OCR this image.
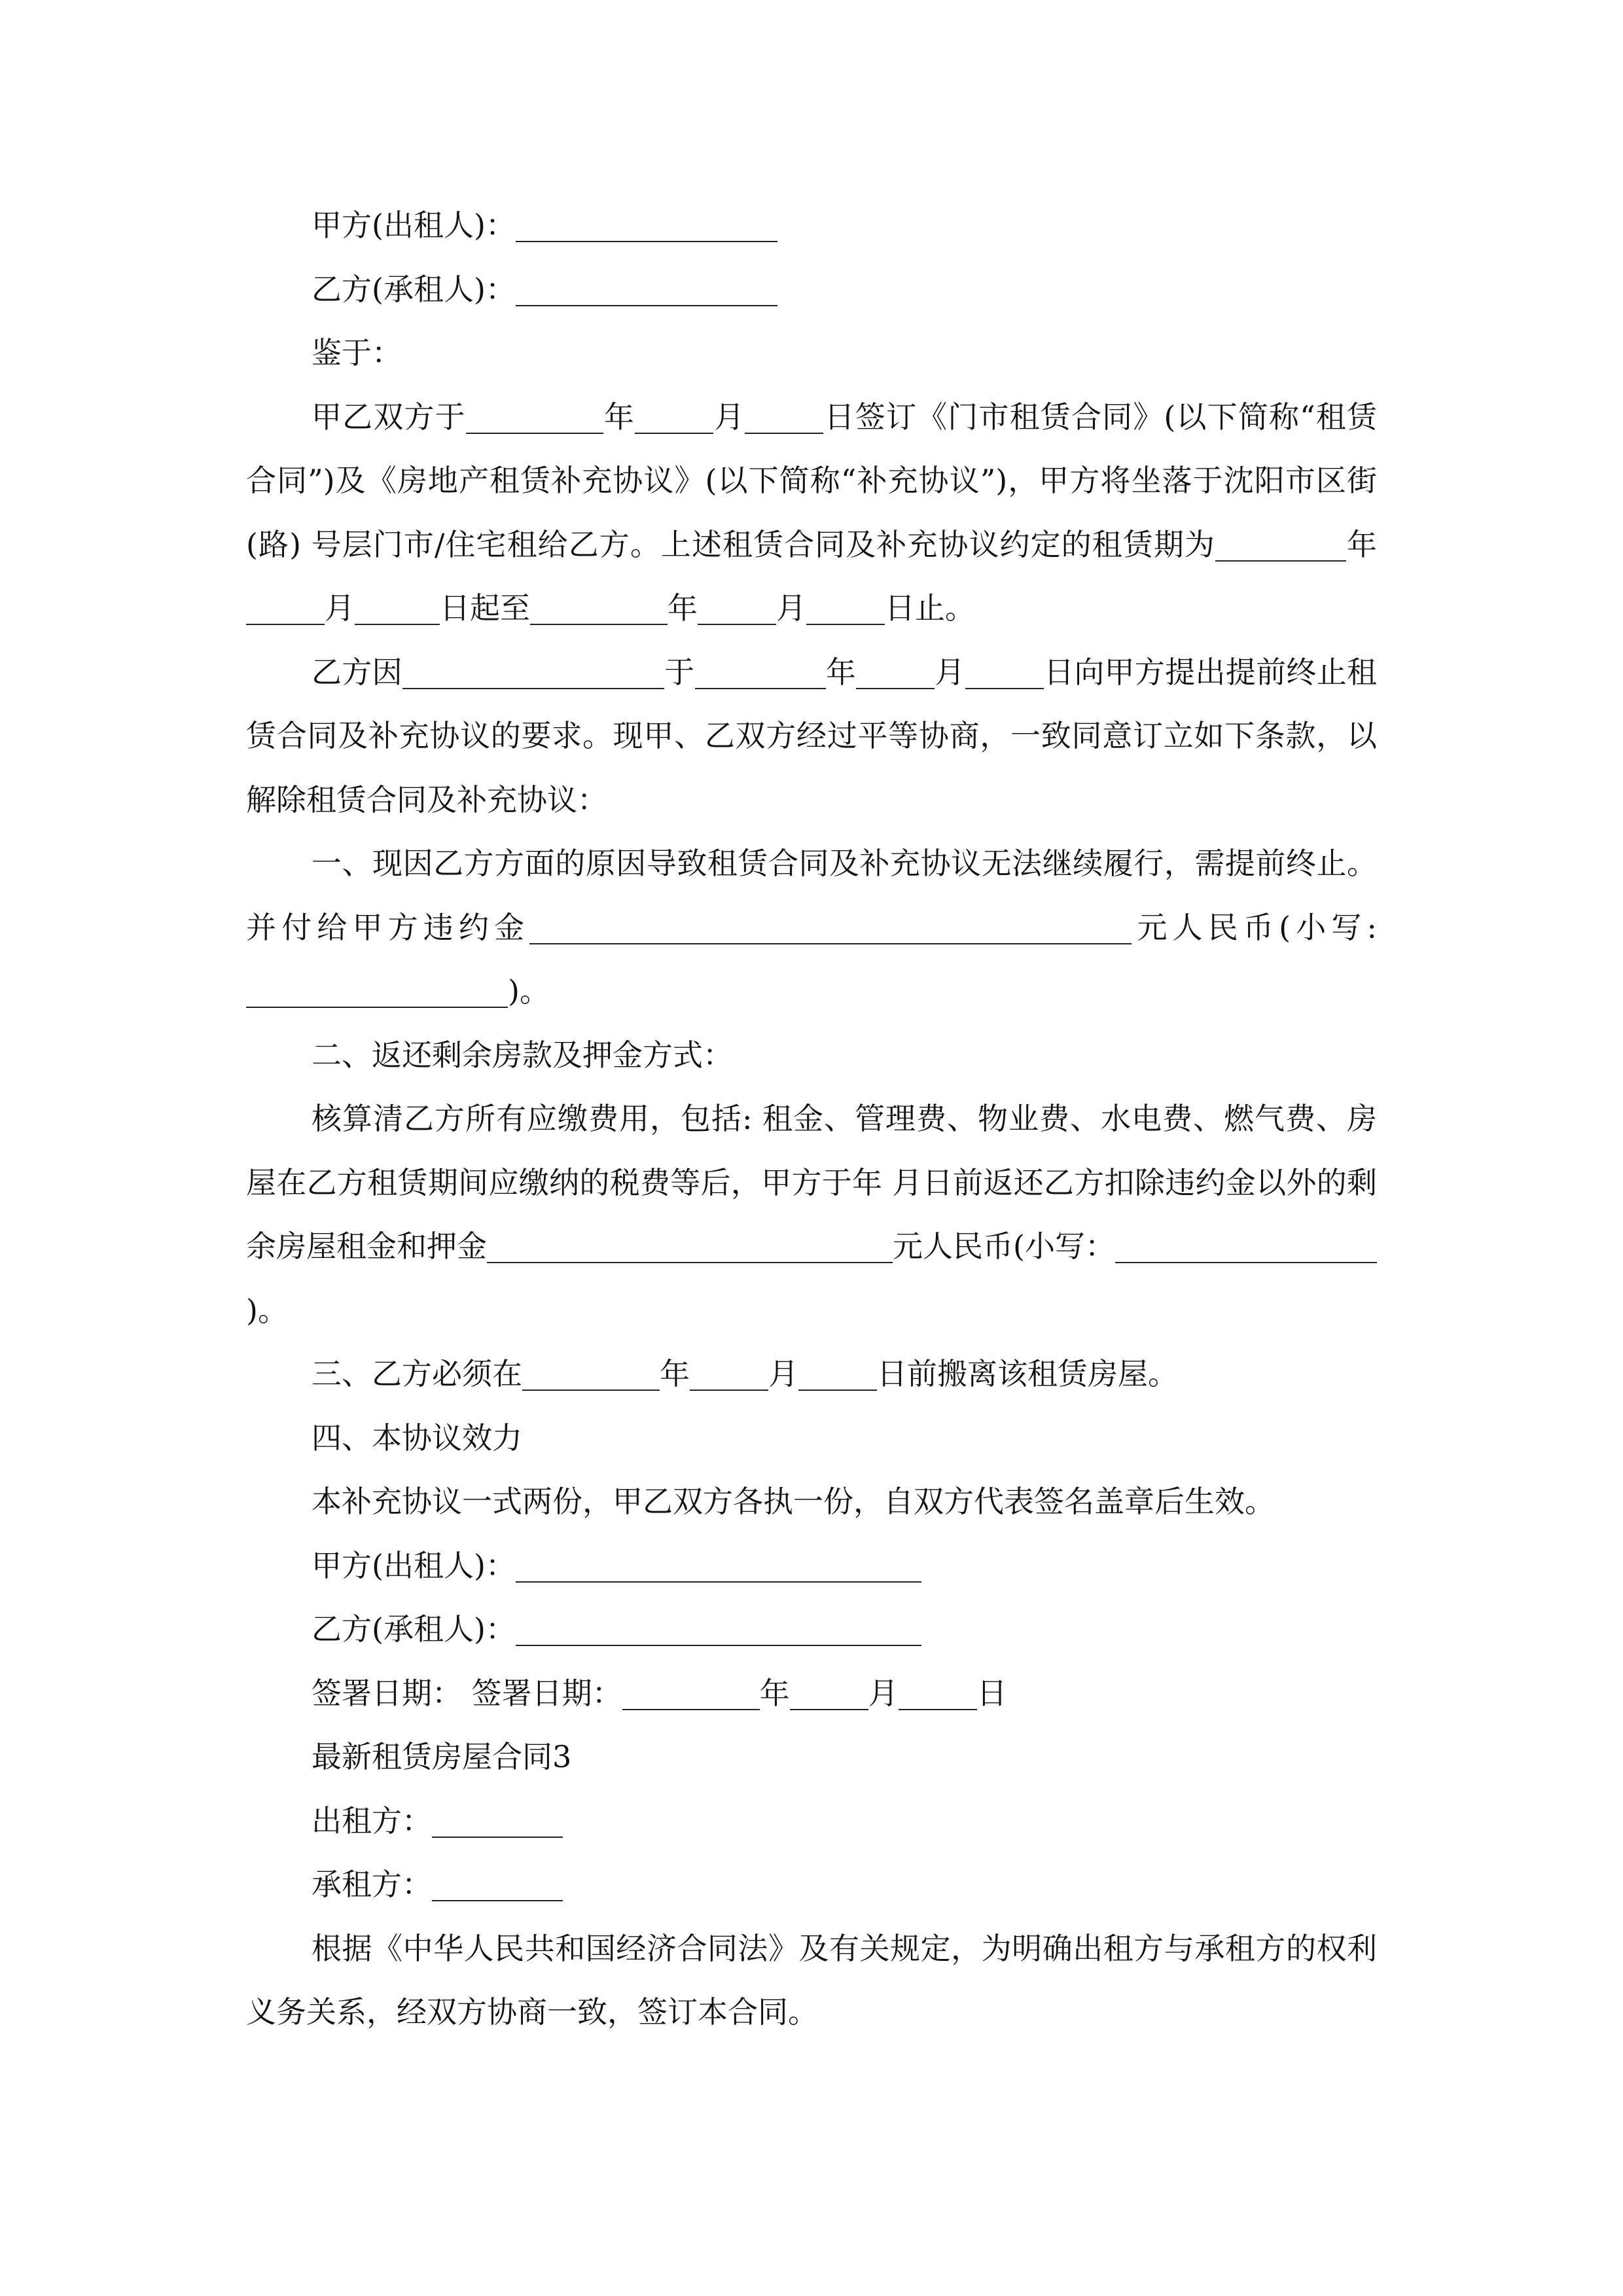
甲方(出租人)：

乙方(承租人)：

鉴于：

甲乙双方于	年	月	日签订《门市租赁合同》(以下简称“租赁合同”)及《房地产租赁补充协议》(以下简称“补充协议”)，甲方将坐落于沈阳市区街(路) 号层门市/住宅租给乙方。上述租赁合同及补充协议约定的租赁期为	年月	日起至	年	月	日止。

乙方因	于	年	月	日向甲方提出提前终止租赁合同及补充协议的要求。现甲、乙双方经过平等协商，一致同意订立如下条款，以解除租赁合同及补充协议：

一、现因乙方方面的原因导致租赁合同及补充协议无法继续履行，需提前终止。并付给甲方违约金	元人民币(小写:)。

二、返还剩余房款及押金方式：

核算清乙方所有应缴费用，包括: 租金、管理费、物业费、水电费、燃气费、房屋在乙方租赁期间应缴纳的税费等后，甲方于年 月日前返还乙方扣除违约金以外的剩余房屋租金和押金	元人民币(小写：)。

三、乙方必须在	年	月	日前搬离该租赁房屋。

四、本协议效力

本补充协议一式两份，甲乙双方各执一份，自双方代表签名盖章后生效。

甲方(出租人)：

乙方(承租人)：

签署日期： 签署日期：	年	月	日

最新租赁房屋合同3

出租方：

承租方：

根据《中华人民共和国经济合同法》及有关规定，为明确出租方与承租方的权利义务关系，经双方协商一致，签订本合同。
